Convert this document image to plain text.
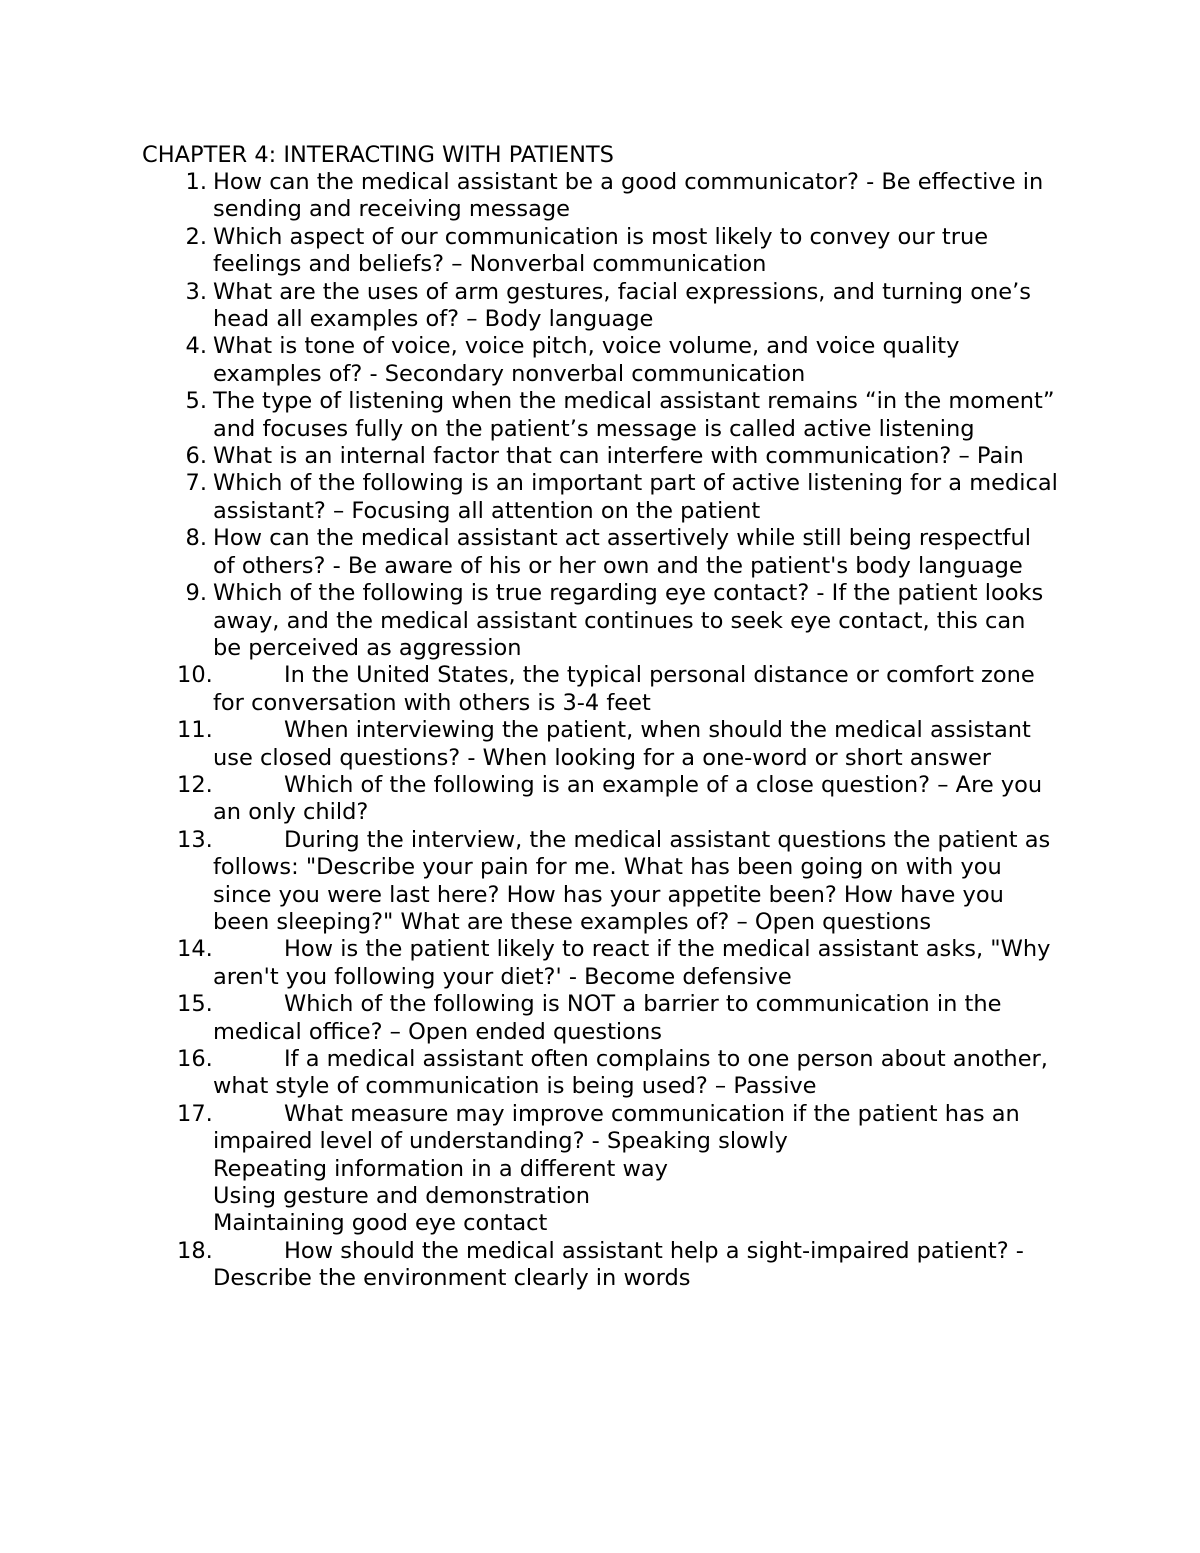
CHAPTER 4: INTERACTING WITH PATIENTS
1. How can the medical assistant be a good communicator? - Be effective in sending and receiving message
2. Which aspect of our communication is most likely to convey our true feelings and beliefs? – Nonverbal communication
3. What are the uses of arm gestures, facial expressions, and turning one’s head all examples of? – Body language
4. What is tone of voice, voice pitch, voice volume, and voice quality examples of? - Secondary nonverbal communication
5. The type of listening when the medical assistant remains “in the moment” and focuses fully on the patient’s message is called active listening
6. What is an internal factor that can interfere with communication? – Pain
7. Which of the following is an important part of active listening for a medical assistant? – Focusing all attention on the patient
8. How can the medical assistant act assertively while still being respectful of others? - Be aware of his or her own and the patient's body language
9. Which of the following is true regarding eye contact? - If the patient looks away, and the medical assistant continues to seek eye contact, this can be perceived as aggression
10.	In the United States, the typical personal distance or comfort zone for conversation with others is 3-4 feet
11.	When interviewing the patient, when should the medical assistant use closed questions? - When looking for a one-word or short answer
12.	Which of the following is an example of a close question? – Are you an only child?
13.	During the interview, the medical assistant questions the patient as follows: "Describe your pain for me. What has been going on with you since you were last here? How has your appetite been? How have you been sleeping?" What are these examples of? – Open questions
14.	How is the patient likely to react if the medical assistant asks, "Why aren't you following your diet?' - Become defensive
15.	Which of the following is NOT a barrier to communication in the medical office? – Open ended questions
16.	If a medical assistant often complains to one person about another, what style of communication is being used? – Passive
17.	What measure may improve communication if the patient has an impaired level of understanding? - Speaking slowly
Repeating information in a different way
Using gesture and demonstration
Maintaining good eye contact
18.	How should the medical assistant help a sight-impaired patient? - Describe the environment clearly in words
